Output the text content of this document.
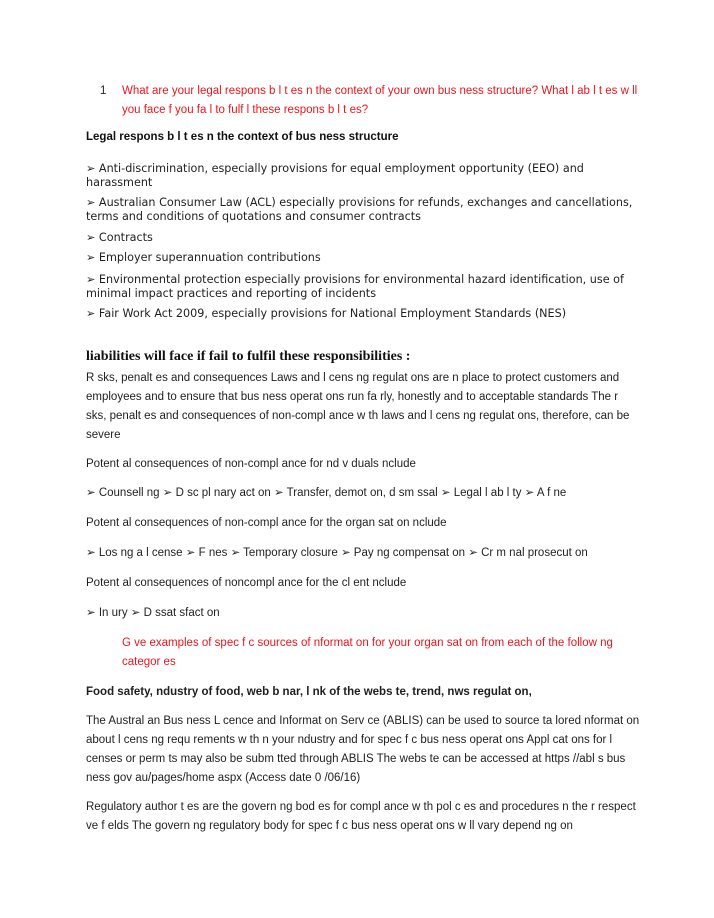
1 What are your legal respons b l t es n the context of your own bus ness structure? What l ab l t es w ll you face f you fa l to fulf l these respons b l t es?
Legal respons b l t es n the context of bus ness structure
➢ Anti-discrimination, especially provisions for equal employment opportunity (EEO) and harassment
➢ Australian Consumer Law (ACL) especially provisions for refunds, exchanges and cancellations, terms and conditions of quotations and consumer contracts
➢ Contracts
➢ Employer superannuation contributions
➢ Environmental protection especially provisions for environmental hazard identification, use of minimal impact practices and reporting of incidents
➢ Fair Work Act 2009, especially provisions for National Employment Standards (NES)
liabilities will face if fail to fulfil these responsibilities :
R sks, penalt es and consequences Laws and l cens ng regulat ons are n place to protect customers and employees and to ensure that bus ness operat ons run fa rly, honestly and to acceptable standards The r sks, penalt es and consequences of non-compl ance w th laws and l cens ng regulat ons, therefore, can be severe
Potent al consequences of non-compl ance for nd v duals nclude
➢ Counsell ng ➢ D sc pl nary act on ➢ Transfer, demot on, d sm ssal ➢ Legal l ab l ty ➢ A f ne
Potent al consequences of non-compl ance for the organ sat on nclude
➢ Los ng a l cense ➢ F nes ➢ Temporary closure ➢ Pay ng compensat on ➢ Cr m nal prosecut on
Potent al consequences of noncompl ance for the cl ent nclude
➢ In ury ➢ D ssat sfact on
G ve examples of spec f c sources of nformat on for your organ sat on from each of the follow ng categor es
Food safety, ndustry of food, web b nar, l nk of the webs te, trend, nws regulat on,
The Austral an Bus ness L cence and Informat on Serv ce (ABLIS) can be used to source ta lored nformat on about l cens ng requ rements w th n your ndustry and for spec f c bus ness operat ons Appl cat ons for l censes or perm ts may also be subm tted through ABLIS The webs te can be accessed at https //abl s bus ness gov au/pages/home aspx (Access date 0 /06/16)
Regulatory author t es are the govern ng bod es for compl ance w th pol c es and procedures n the r respect ve f elds The govern ng regulatory body for spec f c bus ness operat ons w ll vary depend ng on
